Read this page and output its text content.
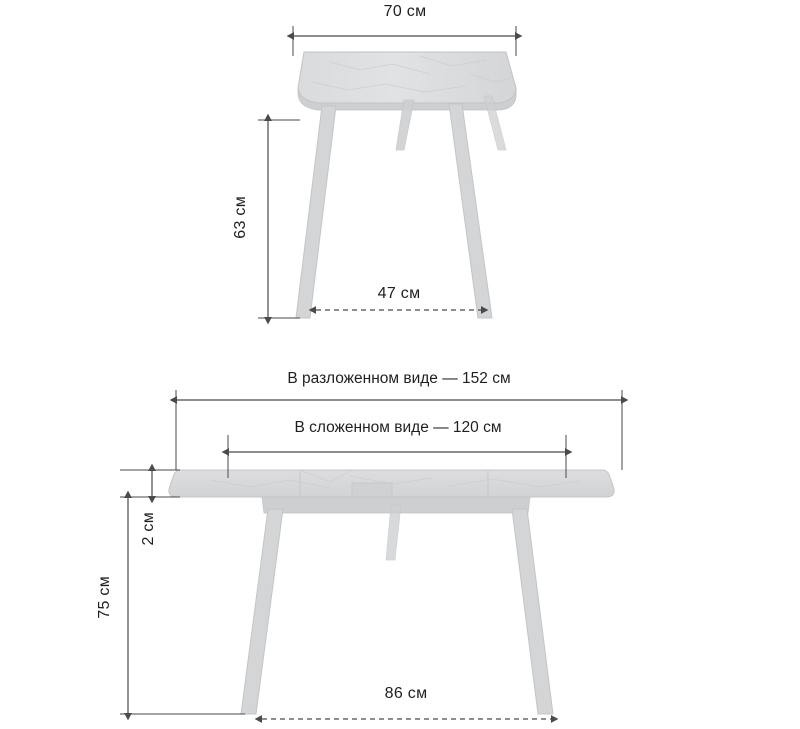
70 см
63 см
47 см
В разложенном виде — 152 см
В сложенном виде — 120 см
2 см
75 см
86 см
